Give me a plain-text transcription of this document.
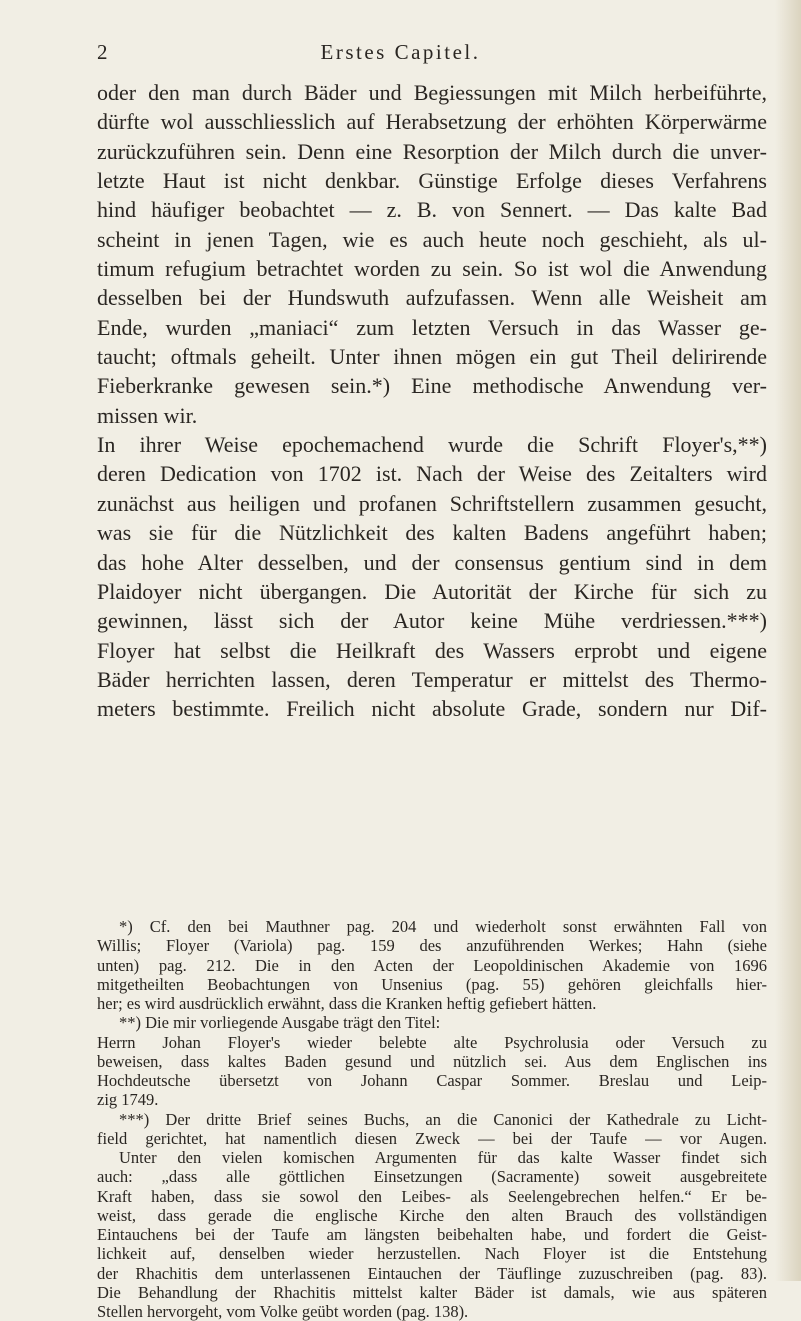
2	Erstes Capitel.
oder den man durch Bäder und Begiessungen mit Milch herbeiführte,
dürfte wol ausschliesslich auf Herabsetzung der erhöhten Körperwärme
zurückzuführen sein. Denn eine Resorption der Milch durch die unver-
letzte Haut ist nicht denkbar. Günstige Erfolge dieses Verfahrens
hind häufiger beobachtet — z. B. von Sennert. — Das kalte Bad
scheint in jenen Tagen, wie es auch heute noch geschieht, als ul-
timum refugium betrachtet worden zu sein. So ist wol die Anwendung
desselben bei der Hundswuth aufzufassen. Wenn alle Weisheit am
Ende, wurden „maniaci“ zum letzten Versuch in das Wasser ge-
taucht; oftmals geheilt. Unter ihnen mögen ein gut Theil delirirende
Fieberkranke gewesen sein.*) Eine methodische Anwendung ver-
missen wir.
In ihrer Weise epochemachend wurde die Schrift Floyer's,**)
deren Dedication von 1702 ist. Nach der Weise des Zeitalters wird
zunächst aus heiligen und profanen Schriftstellern zusammen gesucht,
was sie für die Nützlichkeit des kalten Badens angeführt haben;
das hohe Alter desselben, und der consensus gentium sind in dem
Plaidoyer nicht übergangen. Die Autorität der Kirche für sich zu
gewinnen, lässt sich der Autor keine Mühe verdriessen.***)
Floyer hat selbst die Heilkraft des Wassers erprobt und eigene
Bäder herrichten lassen, deren Temperatur er mittelst des Thermo-
meters bestimmte. Freilich nicht absolute Grade, sondern nur Dif-
*) Cf. den bei Mauthner pag. 204 und wiederholt sonst erwähnten Fall von
Willis; Floyer (Variola) pag. 159 des anzuführenden Werkes; Hahn (siehe
unten) pag. 212. Die in den Acten der Leopoldinischen Akademie von 1696
mitgetheilten Beobachtungen von Unsenius (pag. 55) gehören gleichfalls hier-
her; es wird ausdrücklich erwähnt, dass die Kranken heftig gefiebert hätten.
**) Die mir vorliegende Ausgabe trägt den Titel:
Herrn Johan Floyer's wieder belebte alte Psychrolusia oder Versuch zu
beweisen, dass kaltes Baden gesund und nützlich sei. Aus dem Englischen ins
Hochdeutsche übersetzt von Johann Caspar Sommer. Breslau und Leip-
zig 1749.
***) Der dritte Brief seines Buchs, an die Canonici der Kathedrale zu Licht-
field gerichtet, hat namentlich diesen Zweck — bei der Taufe — vor Augen.
Unter den vielen komischen Argumenten für das kalte Wasser findet sich
auch: „dass alle göttlichen Einsetzungen (Sacramente) soweit ausgebreitete
Kraft haben, dass sie sowol den Leibes- als Seelengebrechen helfen.“ Er be-
weist, dass gerade die englische Kirche den alten Brauch des vollständigen
Eintauchens bei der Taufe am längsten beibehalten habe, und fordert die Geist-
lichkeit auf, denselben wieder herzustellen. Nach Floyer ist die Entstehung
der Rhachitis dem unterlassenen Eintauchen der Täuflinge zuzuschreiben (pag. 83).
Die Behandlung der Rhachitis mittelst kalter Bäder ist damals, wie aus späteren
Stellen hervorgeht, vom Volke geübt worden (pag. 138).
